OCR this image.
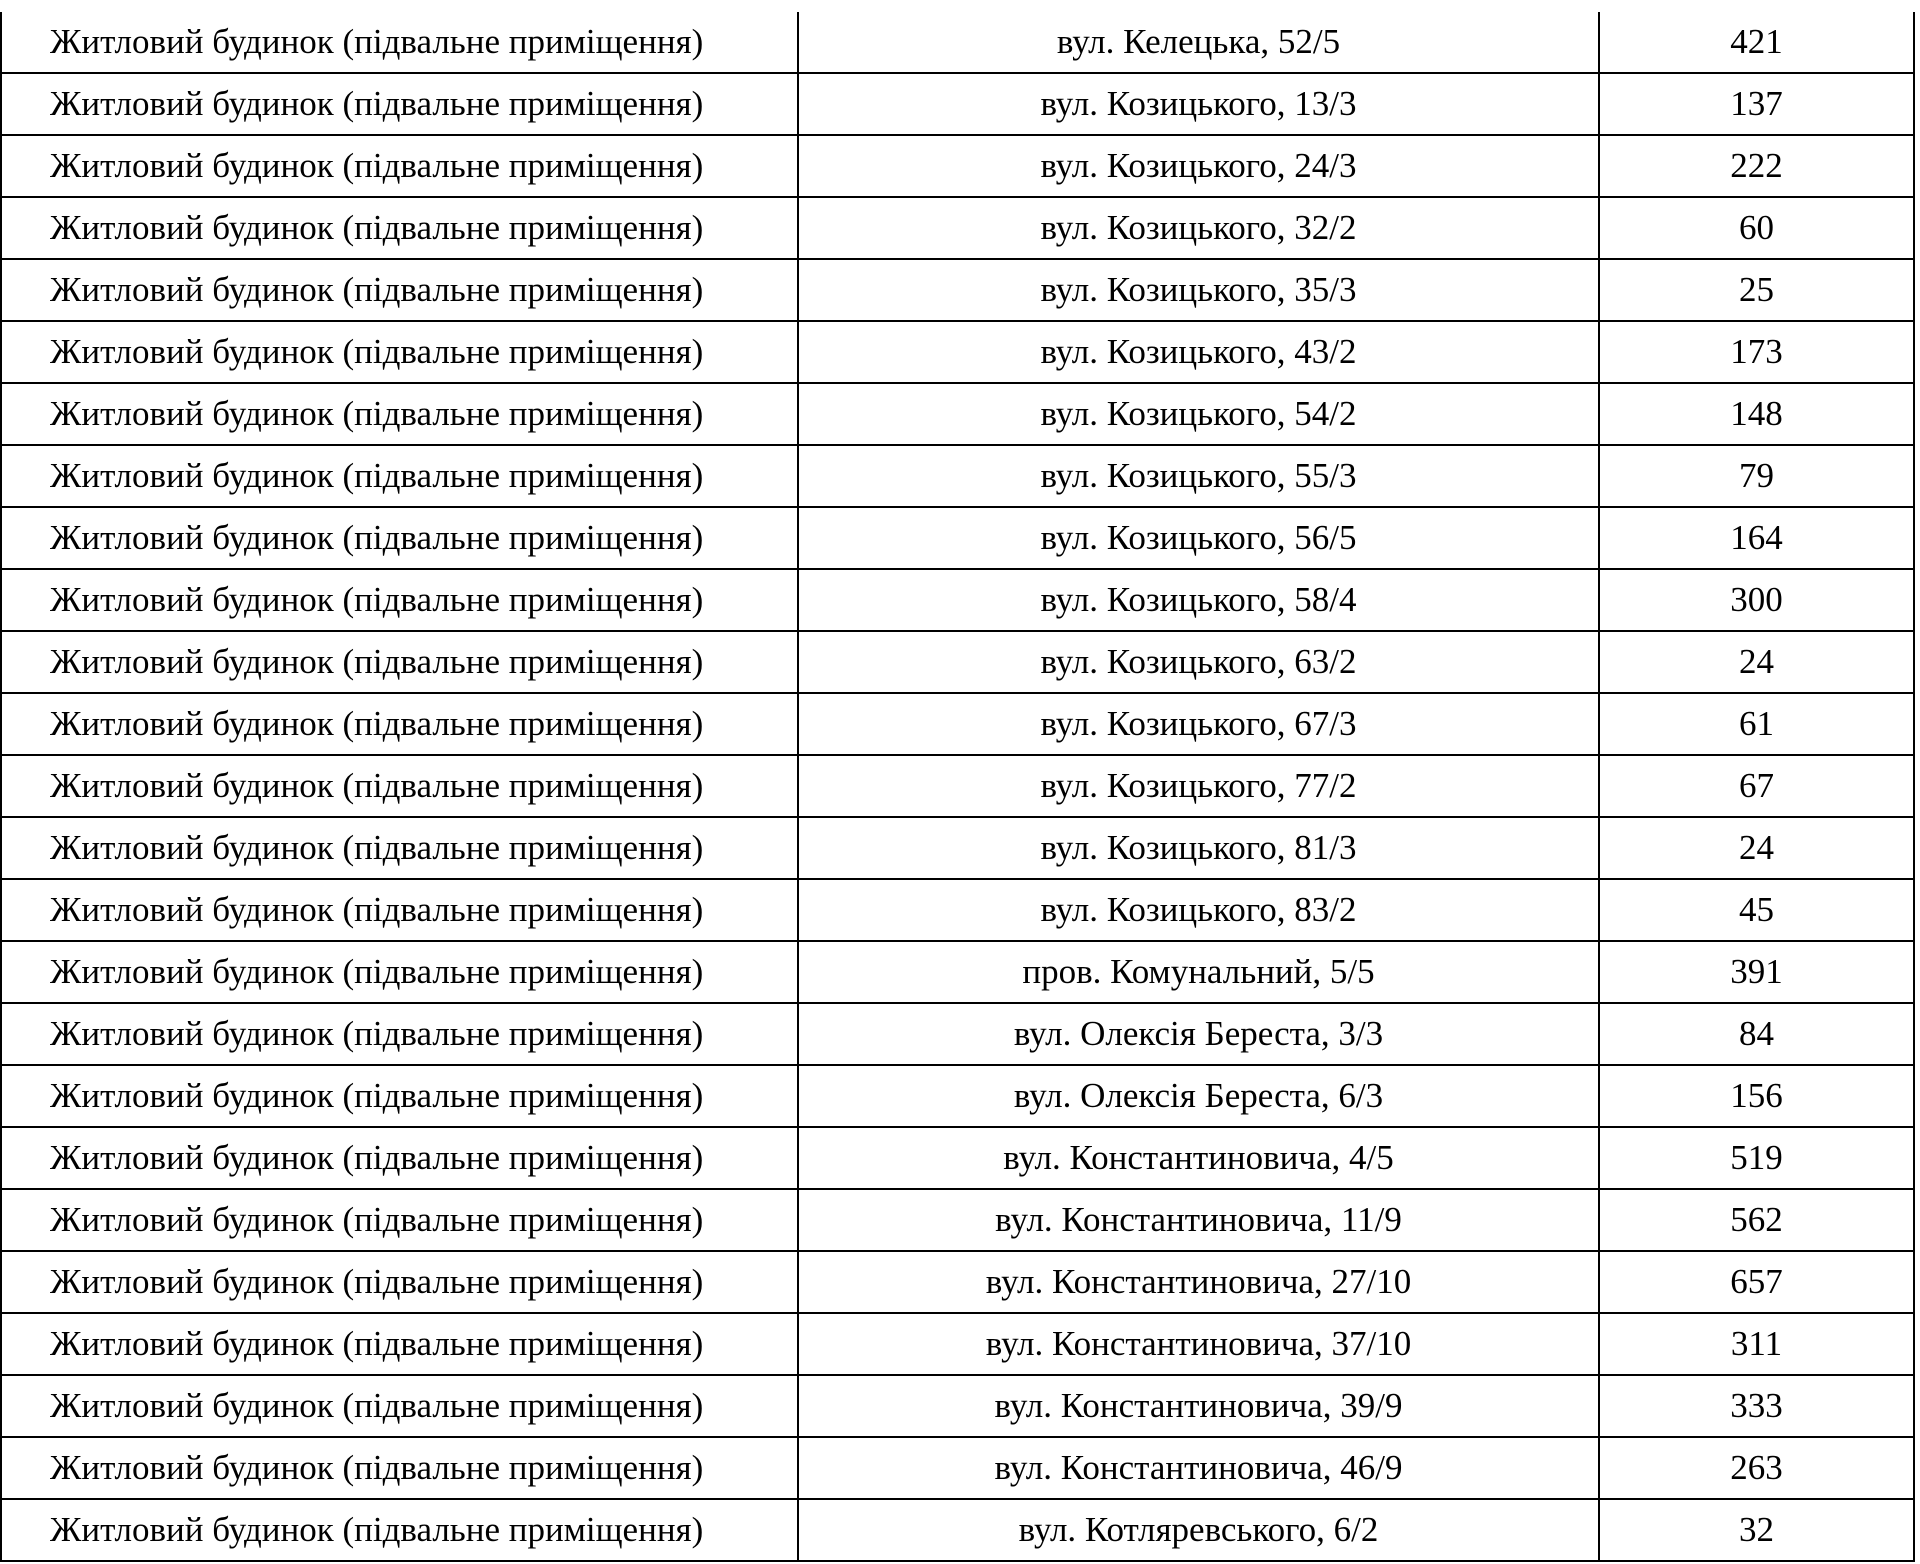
Житловий будинок (підвальне приміщення)	вул. Келецька, 52/5	421
Житловий будинок (підвальне приміщення)	вул. Козицького, 13/3	137
Житловий будинок (підвальне приміщення)	вул. Козицького, 24/3	222
Житловий будинок (підвальне приміщення)	вул. Козицького, 32/2	60
Житловий будинок (підвальне приміщення)	вул. Козицького, 35/3	25
Житловий будинок (підвальне приміщення)	вул. Козицького, 43/2	173
Житловий будинок (підвальне приміщення)	вул. Козицького, 54/2	148
Житловий будинок (підвальне приміщення)	вул. Козицького, 55/3	79
Житловий будинок (підвальне приміщення)	вул. Козицького, 56/5	164
Житловий будинок (підвальне приміщення)	вул. Козицького, 58/4	300
Житловий будинок (підвальне приміщення)	вул. Козицького, 63/2	24
Житловий будинок (підвальне приміщення)	вул. Козицького, 67/3	61
Житловий будинок (підвальне приміщення)	вул. Козицького, 77/2	67
Житловий будинок (підвальне приміщення)	вул. Козицького, 81/3	24
Житловий будинок (підвальне приміщення)	вул. Козицького, 83/2	45
Житловий будинок (підвальне приміщення)	пров. Комунальний, 5/5	391
Житловий будинок (підвальне приміщення)	вул. Олексія Береста, 3/3	84
Житловий будинок (підвальне приміщення)	вул. Олексія Береста, 6/3	156
Житловий будинок (підвальне приміщення)	вул. Константиновича, 4/5	519
Житловий будинок (підвальне приміщення)	вул. Константиновича, 11/9	562
Житловий будинок (підвальне приміщення)	вул. Константиновича, 27/10	657
Житловий будинок (підвальне приміщення)	вул. Константиновича, 37/10	311
Житловий будинок (підвальне приміщення)	вул. Константиновича, 39/9	333
Житловий будинок (підвальне приміщення)	вул. Константиновича, 46/9	263
Житловий будинок (підвальне приміщення)	вул. Котляревського, 6/2	32
